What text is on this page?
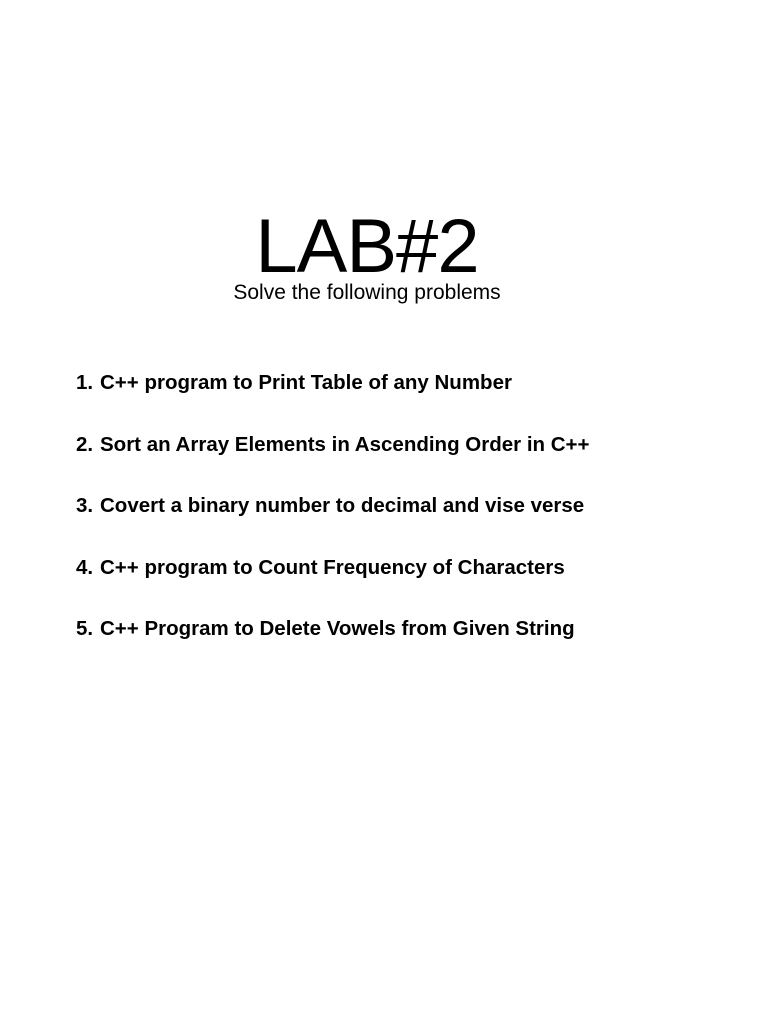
LAB#2
Solve the following problems
1. C++ program to Print Table of any Number
2. Sort an Array Elements in Ascending Order in C++
3. Covert a binary number to decimal and vise verse
4. C++ program to Count Frequency of Characters
5. C++ Program to Delete Vowels from Given String
